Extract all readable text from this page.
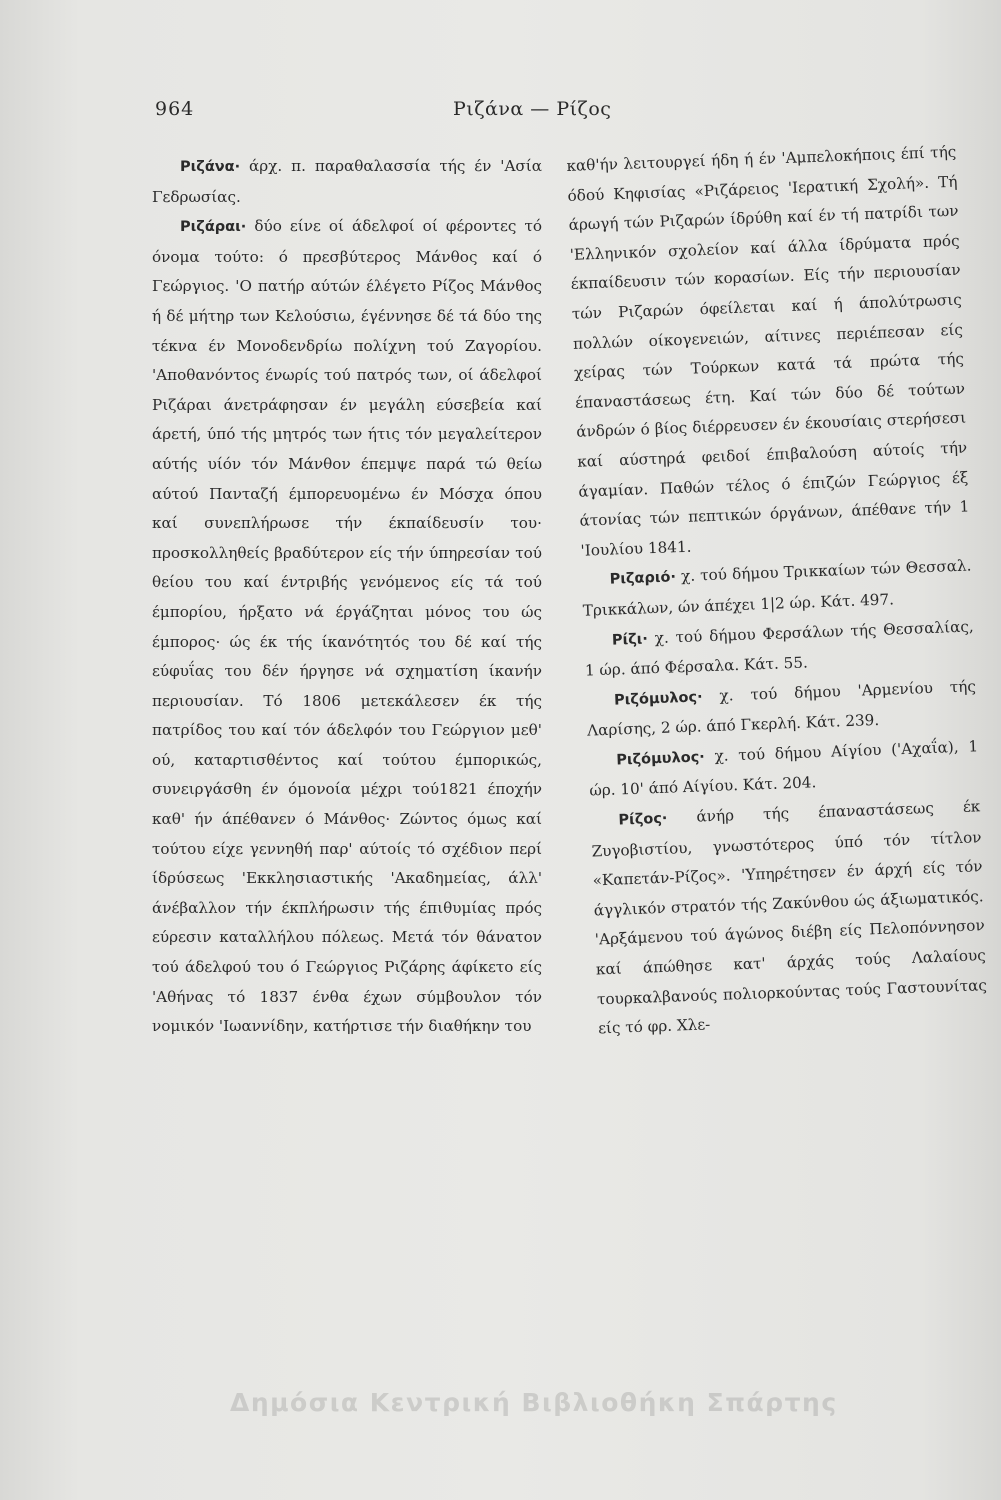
964	Ριζάνα — Ρίζος

Ριζάνα· άρχ. π. παραθαλασσία τής έν 'Ασία Γεδρωσίας.

Ριζάραι· δύο είνε οί άδελφοί οί φέροντες τό όνομα τούτο: ό πρεσβύτερος Μάνθος καί ό Γεώργιος. 'Ο πατήρ αύτών έλέγετο Ρίζος Μάνθος ή δέ μήτηρ των Κελούσιω, έγέννησε δέ τά δύο της τέκνα έν Μονοδενδρίω πολίχνη τού Ζαγορίου. 'Αποθανόντος ένωρίς τού πατρός των, οί άδελφοί Ριζάραι άνετράφησαν έν μεγάλη εύσεβεία καί άρετή, ύπό τής μητρός των ήτις τόν μεγαλείτερον αύτής υίόν τόν Μάνθον έπεμψε παρά τώ θείω αύτού Πανταζή έμπορευομένω έν Μόσχα όπου καί συνεπλήρωσε τήν έκπαίδευσίν του· προσκολληθείς βραδύτερον είς τήν ύπηρεσίαν τού θείου του καί έντριβής γενόμενος είς τά τού έμπορίου, ήρξατο νά έργάζηται μόνος του ώς έμπορος· ώς έκ τής ίκανότητός του δέ καί τής εύφυΐας του δέν ήργησε νά σχηματίση ίκανήν περιουσίαν. Τό 1806 μετεκάλεσεν έκ τής πατρίδος του καί τόν άδελφόν του Γεώργιον μεθ' ού, καταρτισθέντος καί τούτου έμπορικώς, συνειργάσθη έν όμονοία μέχρι τού1821 έποχήν καθ' ήν άπέθανεν ό Μάνθος· Ζώντος όμως καί τούτου είχε γεννηθή παρ' αύτοίς τό σχέδιον περί ίδρύσεως 'Εκκλησιαστικής 'Ακαδημείας, άλλ' άνέβαλλον τήν έκπλήρωσιν τής έπιθυμίας πρός εύρεσιν καταλλήλου πόλεως. Μετά τόν θάνατον τού άδελφού του ό Γεώργιος Ριζάρης άφίκετο είς 'Αθήνας τό 1837 ένθα έχων σύμβουλον τόν νομικόν 'Ιωαννίδην, κατήρτισε τήν διαθήκην του

καθ'ήν λειτουργεί ήδη ή έν 'Αμπελοκήποις έπί τής όδού Κηφισίας «Ριζάρειος 'Ιερατική Σχολή». Τή άρωγή τών Ριζαρών ίδρύθη καί έν τή πατρίδι των 'Ελληνικόν σχολείον καί άλλα ίδρύματα πρός έκπαίδευσιν τών κορασίων. Είς τήν περιουσίαν τών Ριζαρών όφείλεται καί ή άπολύτρωσις πολλών οίκογενειών, αίτινες περιέπεσαν είς χείρας τών Τούρκων κατά τά πρώτα τής έπαναστάσεως έτη. Καί τών δύο δέ τούτων άνδρών ό βίος διέρρευσεν έν έκουσίαις στερήσεσι καί αύστηρά φειδοί έπιβαλούση αύτοίς τήν άγαμίαν. Παθών τέλος ό έπιζών Γεώργιος έξ άτονίας τών πεπτικών όργάνων, άπέθανε τήν 1 'Ιουλίου 1841.

Ριζαριό· χ. τού δήμου Τρικκαίων τών Θεσσαλ. Τρικκάλων, ών άπέχει 1|2 ώρ. Κάτ. 497.

Ρίζι· χ. τού δήμου Φερσάλων τής Θεσσαλίας, 1 ώρ. άπό Φέρσαλα. Κάτ. 55.

Ριζόμυλος· χ. τού δήμου 'Αρμενίου τής Λαρίσης, 2 ώρ. άπό Γκερλή. Κάτ. 239.

Ριζόμυλος· χ. τού δήμου Αίγίου ('Αχαΐα), 1 ώρ. 10' άπό Αίγίου. Κάτ. 204.

Ρίζος· άνήρ τής έπαναστάσεως έκ Ζυγοβιστίου, γνωστότερος ύπό τόν τίτλον «Καπετάν-Ρίζος». 'Υπηρέτησεν έν άρχή είς τόν άγγλικόν στρατόν τής Ζακύνθου ώς άξιωματικός. 'Αρξάμενου τού άγώνος διέβη είς Πελοπόννησον καί άπώθησε κατ' άρχάς τούς Λαλαίους τουρκαλβανούς πολιορκούντας τούς Γαστουνίτας είς τό φρ. Χλε-

Δημόσια Κεντρική Βιβλιοθήκη Σπάρτης
